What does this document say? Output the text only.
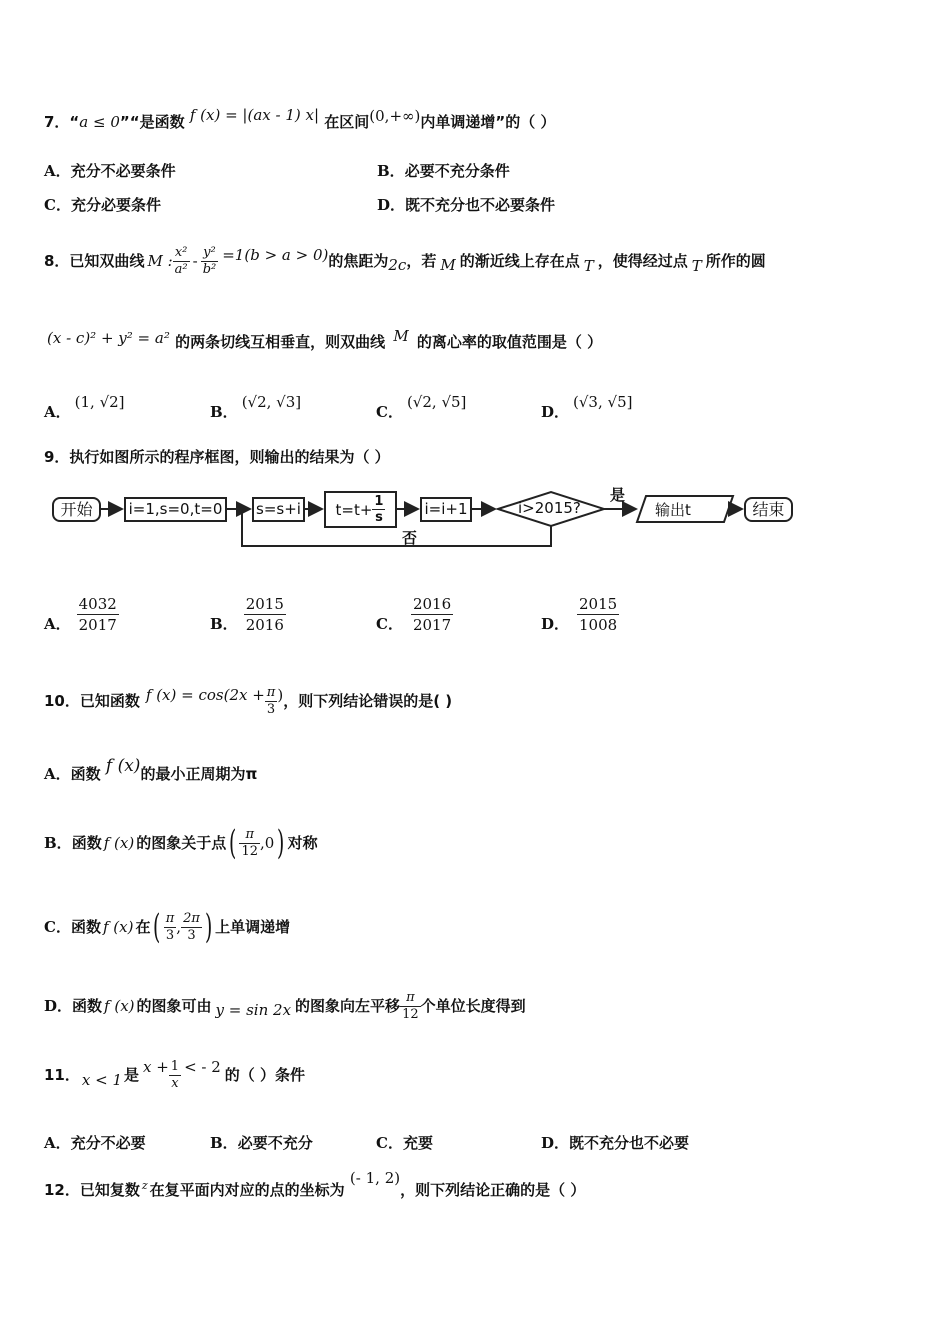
7．“a ≤ 0”“是函数 f (x) = |(ax - 1) x| 在区间(0,+∞)内单调递增”的（ ）
A．充分不必要条件	B．必要不充分条件
C．充分必要条件	D．既不充分也不必要条件
8．已知双曲线 M : $\frac{\text{x²}}{\text{a²}} - \frac{\text{y²}}{\text{b²}} =1(b > a > 0)$ 的焦距为 2c ，若 M 的渐近线上存在点 T ，使得经过点 T 所作的圆
(x - c)² + y² = a² 的两条切线互相垂直，则双曲线 M 的离心率的取值范围是（ ）
A．(1, √2]
B．(√2, √3]
C．(√2, √5]
D．(√3, √5]
9．执行如图所示的程序框图，则输出的结果为（ ）
开始	i=1,s=0,t=0	s=s+i $t=t+ \frac{1}{s}$	i=i+1	i>2015?
是
否
输出t	结束
A． $\frac{4032}{2017}$	B． $\frac{2015}{2016}$	C． $\frac{2016}{2017}$	D． $\frac{2015}{1008}$
10．已知函数 f $(x) = \cos(2x + \frac{\pi}{3}$ ) ，则下列结论错误的是( )
A．函数 f (x)的最小正周期为π
B． 函数 f (x) 的图象关于点 ( $\frac{\pi}{12} ,0$ ) 对称
C． 函数 f (x) 在 ( $\frac{\pi}{3}$ , $\frac{2\pi}{3}$ ) 上单调递增
D． 函数 f (x) 的图象可由 y = sin 2x 的图象向左平移 $\frac{\pi}{12}$ 个单位长度得到
11． x < 1 是 $x + \frac{1}{x}$ < - 2 的（ ）条件
A．充分不必要	B．必要不充分	C．充要	D．既不充分也不必要
12．已知复数 $^z$ 在复平面内对应的点的坐标为 (- 1, 2)，则下列结论正确的是（ ）
